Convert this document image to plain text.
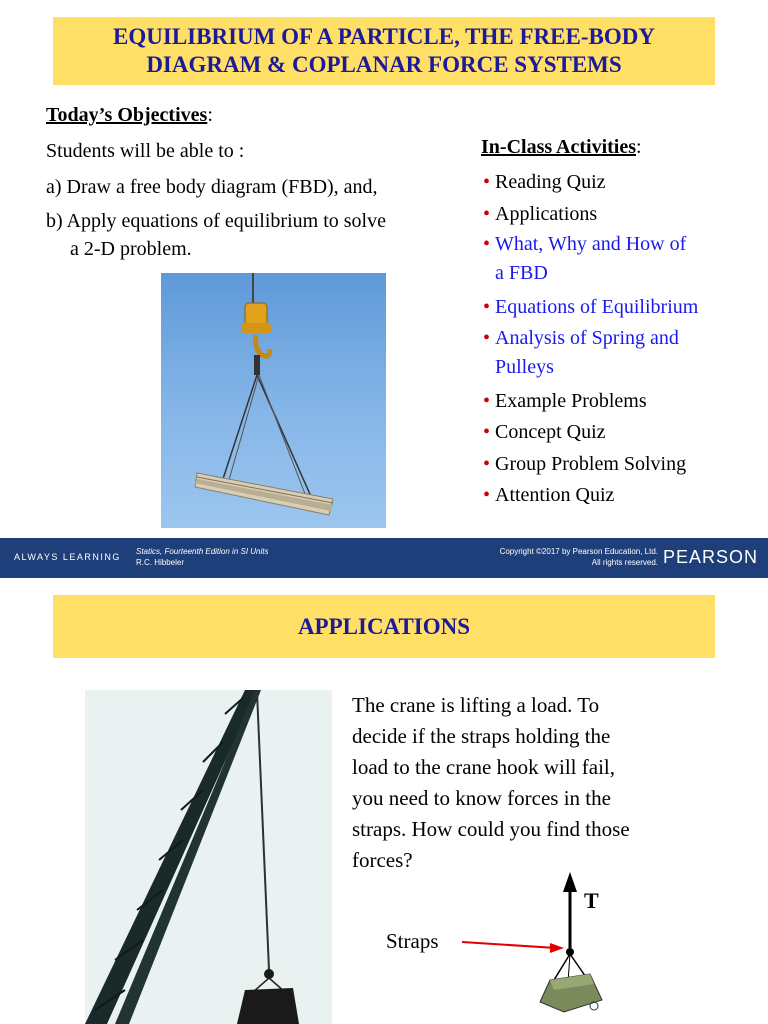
EQUILIBRIUM OF A PARTICLE, THE FREE-BODY
DIAGRAM & COPLANAR FORCE SYSTEMS
Today’s Objectives:
Students will be able to :
a) Draw a free body diagram (FBD), and,
b) Apply equations of equilibrium to solve
a 2-D problem.
In-Class Activities:
• Reading Quiz
• Applications
• What, Why and How of
a FBD
• Equations of Equilibrium
• Analysis of Spring and
Pulleys
• Example Problems
• Concept Quiz
• Group Problem Solving
• Attention Quiz
ALWAYS LEARNING
Statics, Fourteenth Edition in SI Units
R.C. Hibbeler
Copyright ©2017 by Pearson Education, Ltd.
All rights reserved. PEARSON
APPLICATIONS
The crane is lifting a load. To
decide if the straps holding the
load to the crane hook will fail,
you need to know forces in the
straps. How could you find those
forces?
T
Straps
